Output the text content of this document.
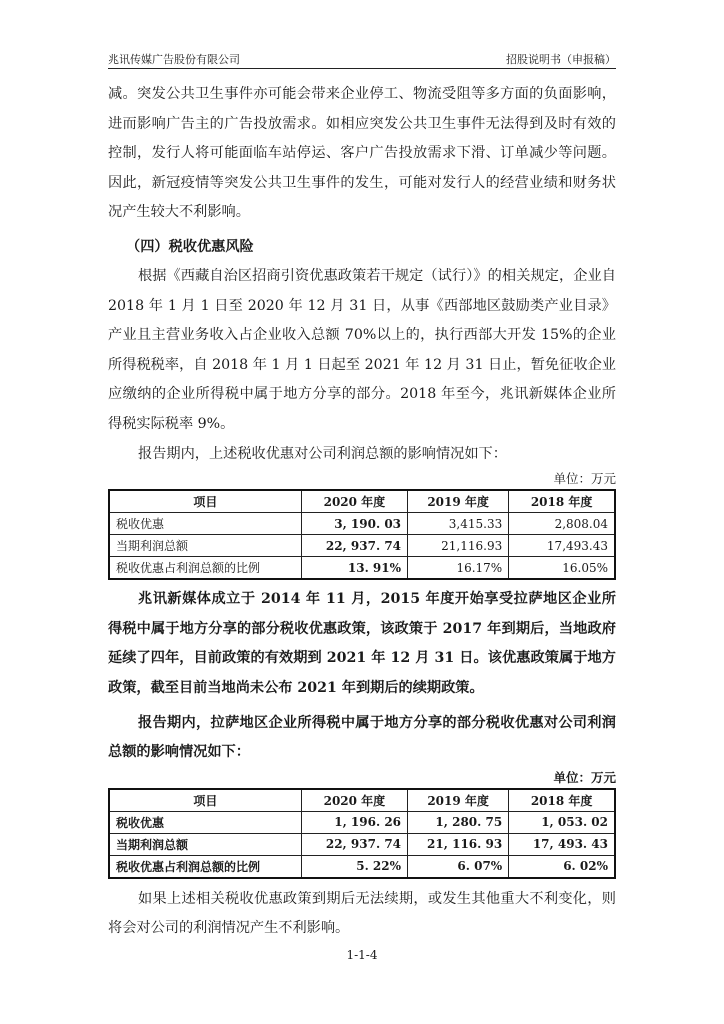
兆讯传媒广告股份有限公司	招股说明书（申报稿）

减。突发公共卫生事件亦可能会带来企业停工、物流受阻等多方面的负面影响，进而影响广告主的广告投放需求。如相应突发公共卫生事件无法得到及时有效的控制，发行人将可能面临车站停运、客户广告投放需求下滑、订单减少等问题。因此，新冠疫情等突发公共卫生事件的发生，可能对发行人的经营业绩和财务状况产生较大不利影响。

（四）税收优惠风险

根据《西藏自治区招商引资优惠政策若干规定（试行）》的相关规定，企业自 2018 年 1 月 1 日至 2020 年 12 月 31 日，从事《西部地区鼓励类产业目录》产业且主营业务收入占企业收入总额 70%以上的，执行西部大开发 15%的企业所得税税率，自 2018 年 1 月 1 日起至 2021 年 12 月 31 日止，暂免征收企业应缴纳的企业所得税中属于地方分享的部分。2018 年至今，兆讯新媒体企业所得税实际税率 9%。

报告期内，上述税收优惠对公司利润总额的影响情况如下：

单位：万元
项目	2020 年度	2019 年度	2018 年度
税收优惠	3, 190. 03	3,415.33	2,808.04
当期利润总额	22, 937. 74	21,116.93	17,493.43
税收优惠占利润总额的比例	13. 91%	16.17%	16.05%

兆讯新媒体成立于 2014 年 11 月，2015 年度开始享受拉萨地区企业所得税中属于地方分享的部分税收优惠政策，该政策于 2017 年到期后，当地政府延续了四年，目前政策的有效期到 2021 年 12 月 31 日。该优惠政策属于地方政策，截至目前当地尚未公布 2021 年到期后的续期政策。

报告期内，拉萨地区企业所得税中属于地方分享的部分税收优惠对公司利润总额的影响情况如下：

单位：万元
项目	2020 年度	2019 年度	2018 年度
税收优惠	1, 196. 26	1, 280. 75	1, 053. 02
当期利润总额	22, 937. 74	21, 116. 93	17, 493. 43
税收优惠占利润总额的比例	5. 22%	6. 07%	6. 02%

如果上述相关税收优惠政策到期后无法续期，或发生其他重大不利变化，则将会对公司的利润情况产生不利影响。

1-1-4
